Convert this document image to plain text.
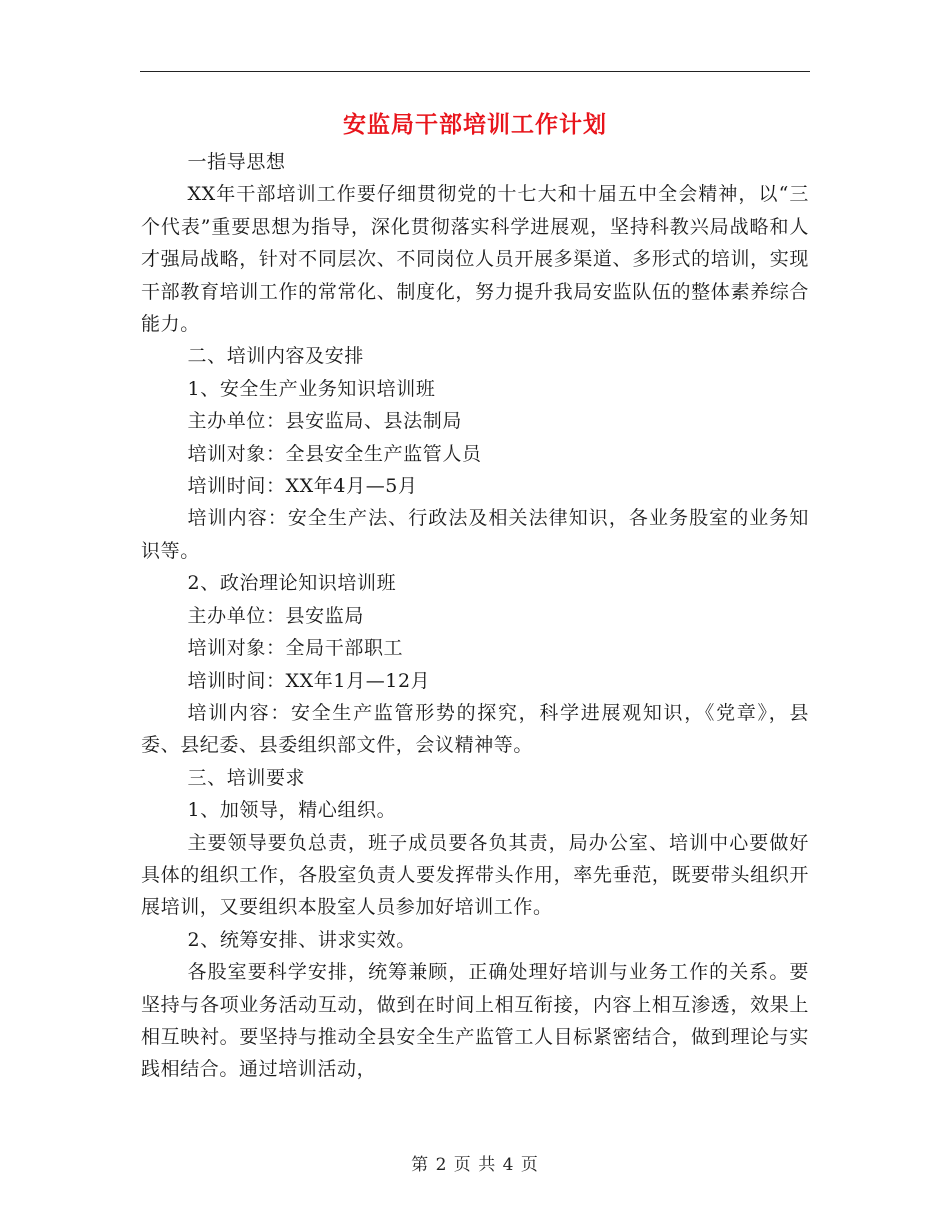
安监局干部培训工作计划

一指导思想

XX年干部培训工作要仔细贯彻党的十七大和十届五中全会精神，以“三个代表”重要思想为指导，深化贯彻落实科学进展观，坚持科教兴局战略和人才强局战略，针对不同层次、不同岗位人员开展多渠道、多形式的培训，实现干部教育培训工作的常常化、制度化，努力提升我局安监队伍的整体素养综合能力。

二、培训内容及安排

1、安全生产业务知识培训班

主办单位：县安监局、县法制局

培训对象：全县安全生产监管人员

培训时间：XX年4月—5月

培训内容：安全生产法、行政法及相关法律知识，各业务股室的业务知识等。

2、政治理论知识培训班

主办单位：县安监局

培训对象：全局干部职工

培训时间：XX年1月—12月

培训内容：安全生产监管形势的探究，科学进展观知识，《党章》，县委、县纪委、县委组织部文件，会议精神等。

三、培训要求

1、加领导，精心组织。

主要领导要负总责，班子成员要各负其责，局办公室、培训中心要做好具体的组织工作，各股室负责人要发挥带头作用，率先垂范，既要带头组织开展培训，又要组织本股室人员参加好培训工作。

2、统筹安排、讲求实效。

各股室要科学安排，统筹兼顾，正确处理好培训与业务工作的关系。要坚持与各项业务活动互动，做到在时间上相互衔接，内容上相互渗透，效果上相互映衬。要坚持与推动全县安全生产监管工人目标紧密结合，做到理论与实践相结合。通过培训活动，

第 2 页 共 4 页
